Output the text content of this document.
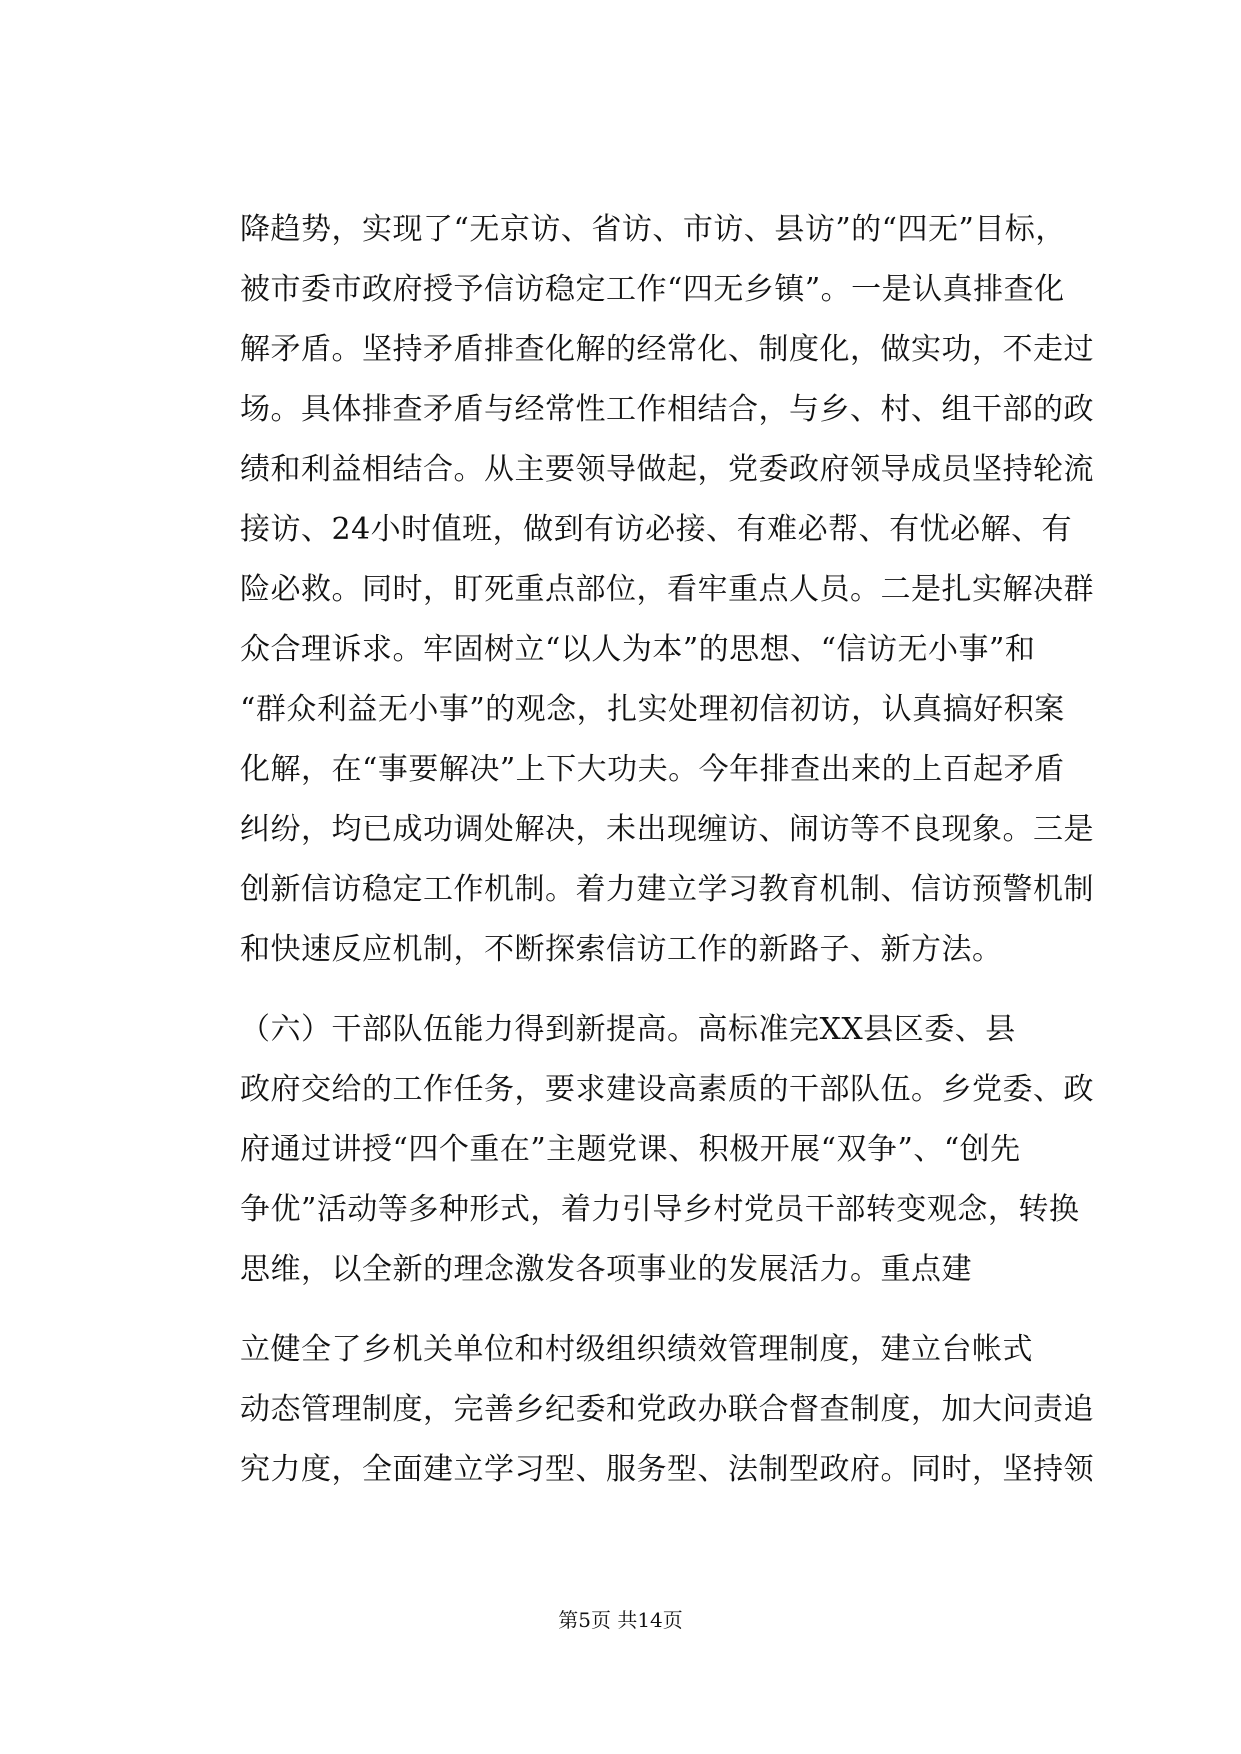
降趋势，实现了“无京访、省访、市访、县访”的“四无”目标，
被市委市政府授予信访稳定工作“四无乡镇”。一是认真排查化
解矛盾。坚持矛盾排查化解的经常化、制度化，做实功，不走过
场。具体排查矛盾与经常性工作相结合，与乡、村、组干部的政
绩和利益相结合。从主要领导做起，党委政府领导成员坚持轮流
接访、24小时值班，做到有访必接、有难必帮、有忧必解、有
险必救。同时，盯死重点部位，看牢重点人员。二是扎实解决群
众合理诉求。牢固树立“以人为本”的思想、“信访无小事”和
“群众利益无小事”的观念，扎实处理初信初访，认真搞好积案
化解，在“事要解决”上下大功夫。今年排查出来的上百起矛盾
纠纷，均已成功调处解决，未出现缠访、闹访等不良现象。三是
创新信访稳定工作机制。着力建立学习教育机制、信访预警机制
和快速反应机制，不断探索信访工作的新路子、新方法。
（六）干部队伍能力得到新提高。高标准完XX县区委、县
政府交给的工作任务，要求建设高素质的干部队伍。乡党委、政
府通过讲授“四个重在”主题党课、积极开展“双争”、“创先
争优”活动等多种形式，着力引导乡村党员干部转变观念，转换
思维，以全新的理念激发各项事业的发展活力。重点建
立健全了乡机关单位和村级组织绩效管理制度，建立台帐式
动态管理制度，完善乡纪委和党政办联合督查制度，加大问责追
究力度，全面建立学习型、服务型、法制型政府。同时，坚持领
第5页 共14页
